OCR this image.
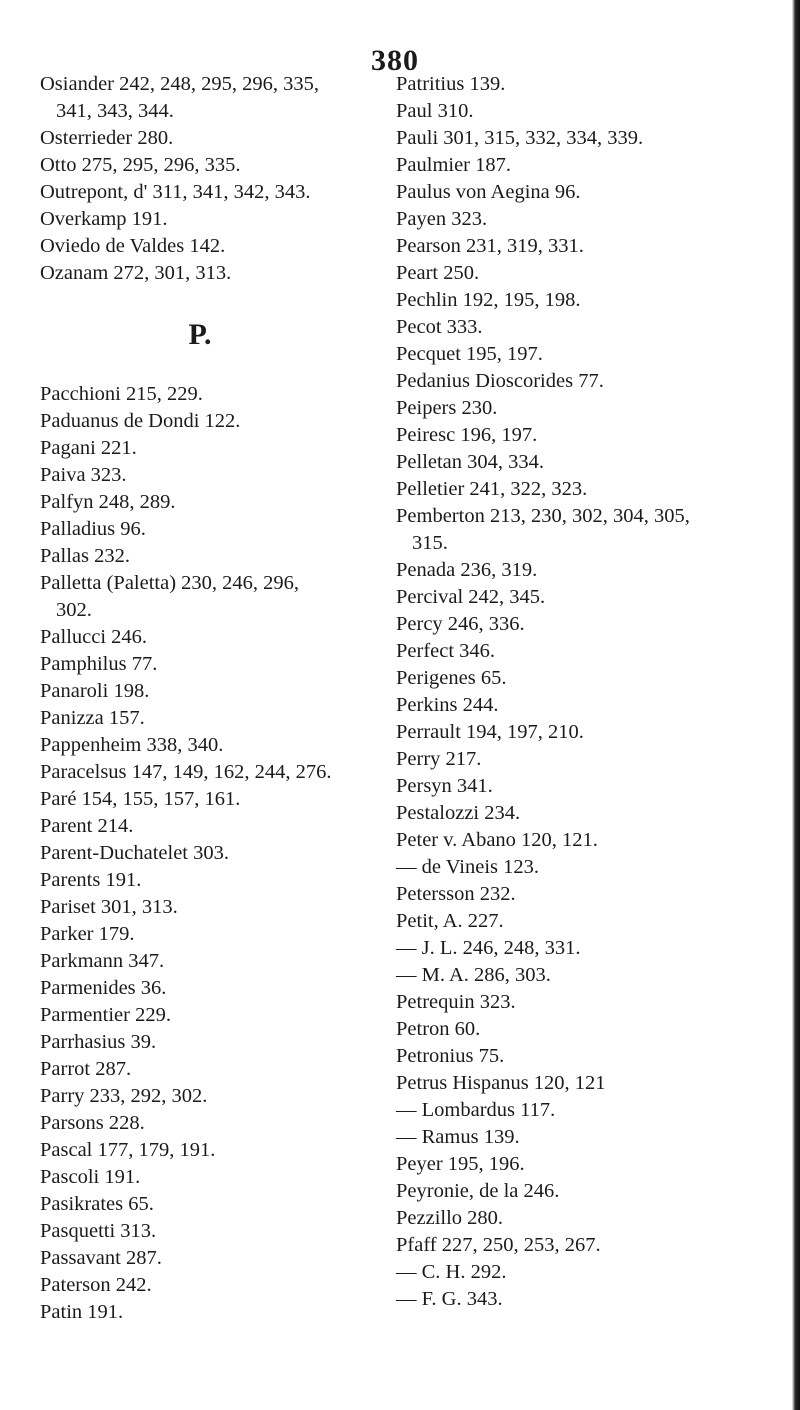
380
Osiander 242, 248, 295, 296, 335,
341, 343, 344.
Osterrieder 280.
Otto 275, 295, 296, 335.
Outrepont, d' 311, 341, 342, 343.
Overkamp 191.
Oviedo de Valdes 142.
Ozanam 272, 301, 313.
P.
Pacchioni 215, 229.
Paduanus de Dondi 122.
Pagani 221.
Paiva 323.
Palfyn 248, 289.
Palladius 96.
Pallas 232.
Palletta (Paletta) 230, 246, 296,
302.
Pallucci 246.
Pamphilus 77.
Panaroli 198.
Panizza 157.
Pappenheim 338, 340.
Paracelsus 147, 149, 162, 244, 276.
Paré 154, 155, 157, 161.
Parent 214.
Parent-Duchatelet 303.
Parents 191.
Pariset 301, 313.
Parker 179.
Parkmann 347.
Parmenides 36.
Parmentier 229.
Parrhasius 39.
Parrot 287.
Parry 233, 292, 302.
Parsons 228.
Pascal 177, 179, 191.
Pascoli 191.
Pasikrates 65.
Pasquetti 313.
Passavant 287.
Paterson 242.
Patin 191.
Patritius 139.
Paul 310.
Pauli 301, 315, 332, 334, 339.
Paulmier 187.
Paulus von Aegina 96.
Payen 323.
Pearson 231, 319, 331.
Peart 250.
Pechlin 192, 195, 198.
Pecot 333.
Pecquet 195, 197.
Pedanius Dioscorides 77.
Peipers 230.
Peiresc 196, 197.
Pelletan 304, 334.
Pelletier 241, 322, 323.
Pemberton 213, 230, 302, 304, 305,
315.
Penada 236, 319.
Percival 242, 345.
Percy 246, 336.
Perfect 346.
Perigenes 65.
Perkins 244.
Perrault 194, 197, 210.
Perry 217.
Persyn 341.
Pestalozzi 234.
Peter v. Abano 120, 121.
— de Vineis 123.
Petersson 232.
Petit, A. 227.
— J. L. 246, 248, 331.
— M. A. 286, 303.
Petrequin 323.
Petron 60.
Petronius 75.
Petrus Hispanus 120, 121
— Lombardus 117.
— Ramus 139.
Peyer 195, 196.
Peyronie, de la 246.
Pezzillo 280.
Pfaff 227, 250, 253, 267.
— C. H. 292.
— F. G. 343.
